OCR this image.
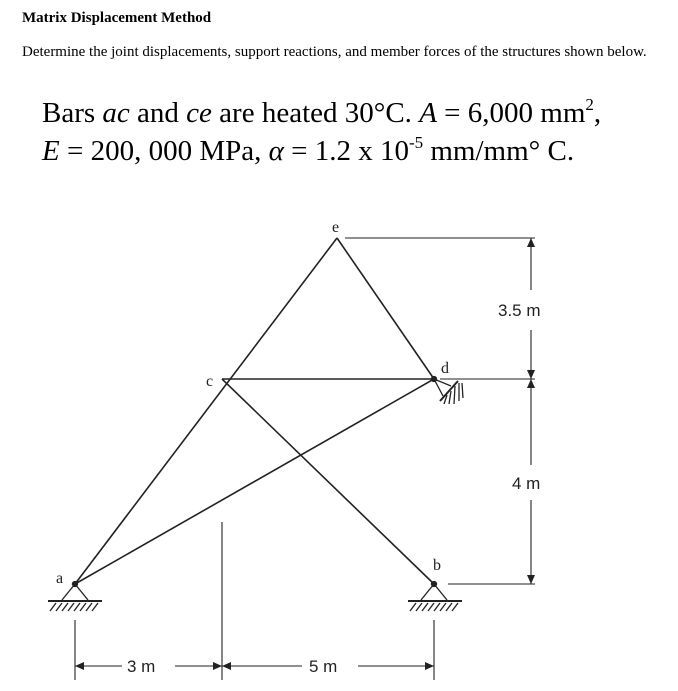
Matrix Displacement Method
Determine the joint displacements, support reactions, and member forces of the structures shown below.
Bars ac and ce are heated 30°C. A = 6,000 $mm^2$,
E = 200, 000 MPa, α = 1.2 x $10^{-5}$ mm/mm° C.
a
b
c
d
e
3.5 m
4 m
3 m	5 m
